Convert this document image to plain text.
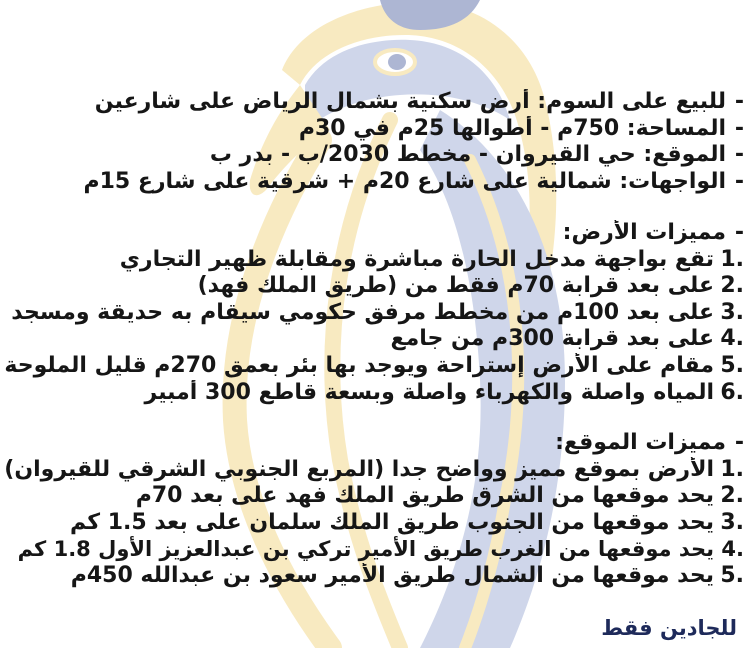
-
للبيع على السوم: أرض سكنية بشمال الرياض على شارعين
-
المساحة: 750م - أطوالها 25م في 30م
-
الموقع: حي القيروان - مخطط 2030/ب - بدر ب
-
الواجهات: شمالية على شارع 20م + شرقية على شارع 15م
-
مميزات الأرض:
1.
تقع بواجهة مدخل الحارة مباشرة ومقابلة ظهير التجاري
2.
على بعد قرابة 70م فقط من (طريق الملك فهد)
3.
على بعد 100م من مخطط مرفق حكومي سيقام به حديقة ومسجد
4.
على بعد قرابة 300م من جامع
5.
مقام على الأرض إستراحة ويوجد بها بئر بعمق 270م قليل الملوحة
6.
المياه واصلة والكهرباء واصلة وبسعة قاطع 300 أمبير
-
مميزات الموقع:
1.
الأرض بموقع مميز وواضح جدا (المربع الجنوبي الشرقي للقيروان)
2.
يحد موقعها من الشرق طريق الملك فهد على بعد 70م
3.
يحد موقعها من الجنوب طريق الملك سلمان على بعد 1.5 كم
4.
يحد موقعها من الغرب طريق الأمير تركي بن عبدالعزيز الأول 1.8 كم
5.
يحد موقعها من الشمال طريق الأمير سعود بن عبدالله 450م
للجادين فقط
